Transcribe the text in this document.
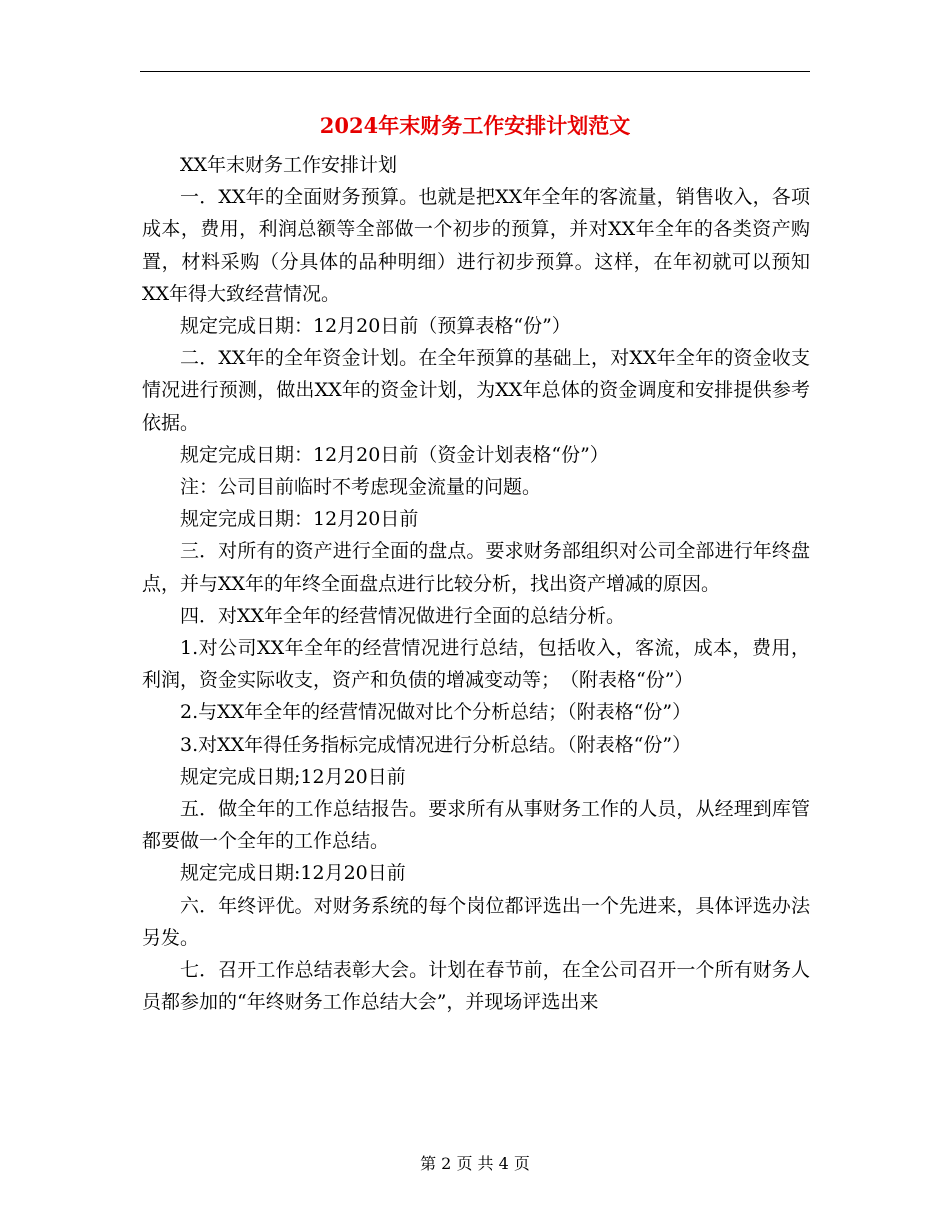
2024年末财务工作安排计划范文

XX年末财务工作安排计划

一．XX年的全面财务预算。也就是把XX年全年的客流量，销售收入，各项成本，费用，利润总额等全部做一个初步的预算，并对XX年全年的各类资产购置，材料采购（分具体的品种明细）进行初步预算。这样，在年初就可以预知XX年得大致经营情况。

规定完成日期：12月20日前（预算表格“份”）

二．XX年的全年资金计划。在全年预算的基础上，对XX年全年的资金收支情况进行预测，做出XX年的资金计划，为XX年总体的资金调度和安排提供参考依据。

规定完成日期：12月20日前（资金计划表格“份”）

注：公司目前临时不考虑现金流量的问题。

规定完成日期：12月20日前

三．对所有的资产进行全面的盘点。要求财务部组织对公司全部进行年终盘点，并与XX年的年终全面盘点进行比较分析，找出资产增减的原因。

四．对XX年全年的经营情况做进行全面的总结分析。

1.对公司XX年全年的经营情况进行总结，包括收入，客流，成本，费用，利润，资金实际收支，资产和负债的增减变动等；　（附表格“份”）

2.与XX年全年的经营情况做对比个分析总结；（附表格“份”）

3.对XX年得任务指标完成情况进行分析总结。（附表格“份”）

规定完成日期;12月20日前

五．做全年的工作总结报告。要求所有从事财务工作的人员，从经理到库管都要做一个全年的工作总结。

规定完成日期:12月20日前

六．年终评优。对财务系统的每个岗位都评选出一个先进来，具体评选办法另发。

七．召开工作总结表彰大会。计划在春节前，在全公司召开一个所有财务人员都参加的“年终财务工作总结大会”，并现场评选出来

第 2 页 共 4 页
